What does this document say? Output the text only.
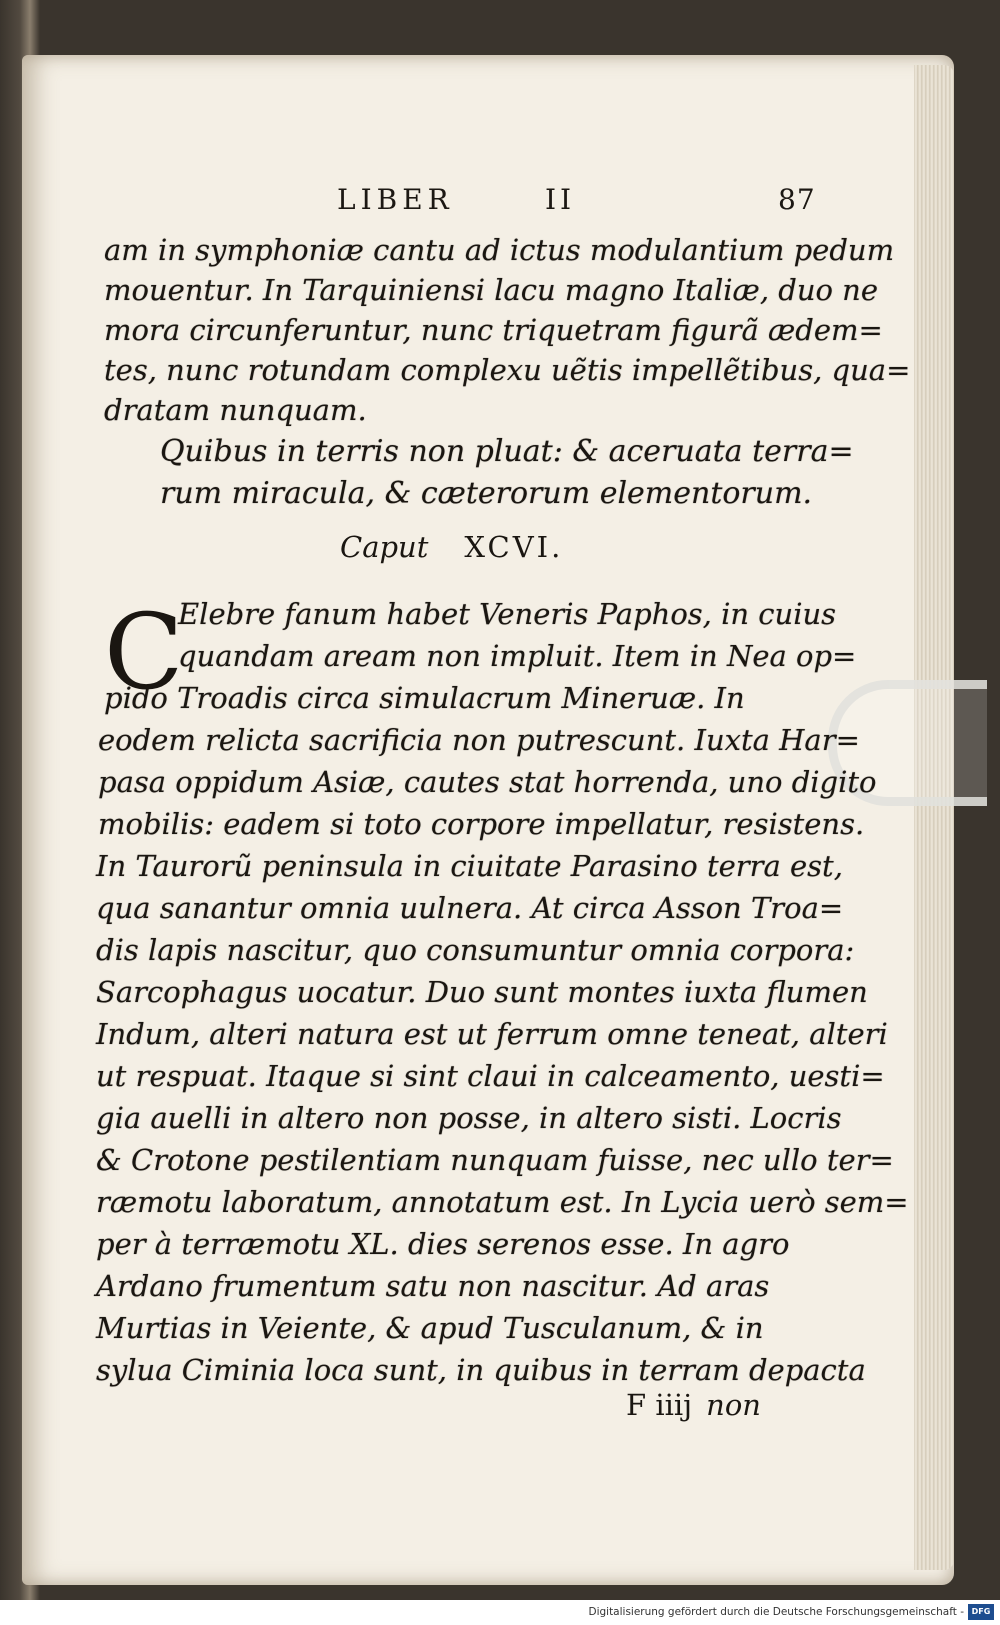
LIBER	II	87

am in symphoniæ cantu ad ictus modulantium pedum

mouentur. In Tarquiniensi lacu magno Italiæ, duo ne

mora circunferuntur, nunc triquetram figurã ædem=

tes, nunc rotundam complexu uẽtis impellẽtibus, qua=

dratam nunquam.

Quibus in terris non pluat: & aceruata terra=

rum miracula, & cæterorum elementorum.

Caput XCVI.
C

Elebre fanum habet Veneris Paphos, in cuius

quandam aream non impluit. Item in Nea op=

pido Troadis circa simulacrum Mineruæ. In

eodem relicta sacrificia non putrescunt. Iuxta Har=

pasa oppidum Asiæ, cautes stat horrenda, uno digito

mobilis: eadem si toto corpore impellatur, resistens.

In Taurorũ peninsula in ciuitate Parasino terra est,

qua sanantur omnia uulnera. At circa Asson Troa=

dis lapis nascitur, quo consumuntur omnia corpora:

Sarcophagus uocatur. Duo sunt montes iuxta flumen

Indum, alteri natura est ut ferrum omne teneat, alteri

ut respuat. Itaque si sint claui in calceamento, uesti=

gia auelli in altero non posse, in altero sisti. Locris

& Crotone pestilentiam nunquam fuisse, nec ullo ter=

ræmotu laboratum, annotatum est. In Lycia uerò sem=

per à terræmotu XL. dies serenos esse. In agro

Ardano frumentum satu non nascitur. Ad aras

Murtias in Veiente, & apud Tusculanum, & in

sylua Ciminia loca sunt, in quibus in terram depacta

F iiij non
Digitalisierung gefördert durch die Deutsche Forschungsgemeinschaft - DFG
